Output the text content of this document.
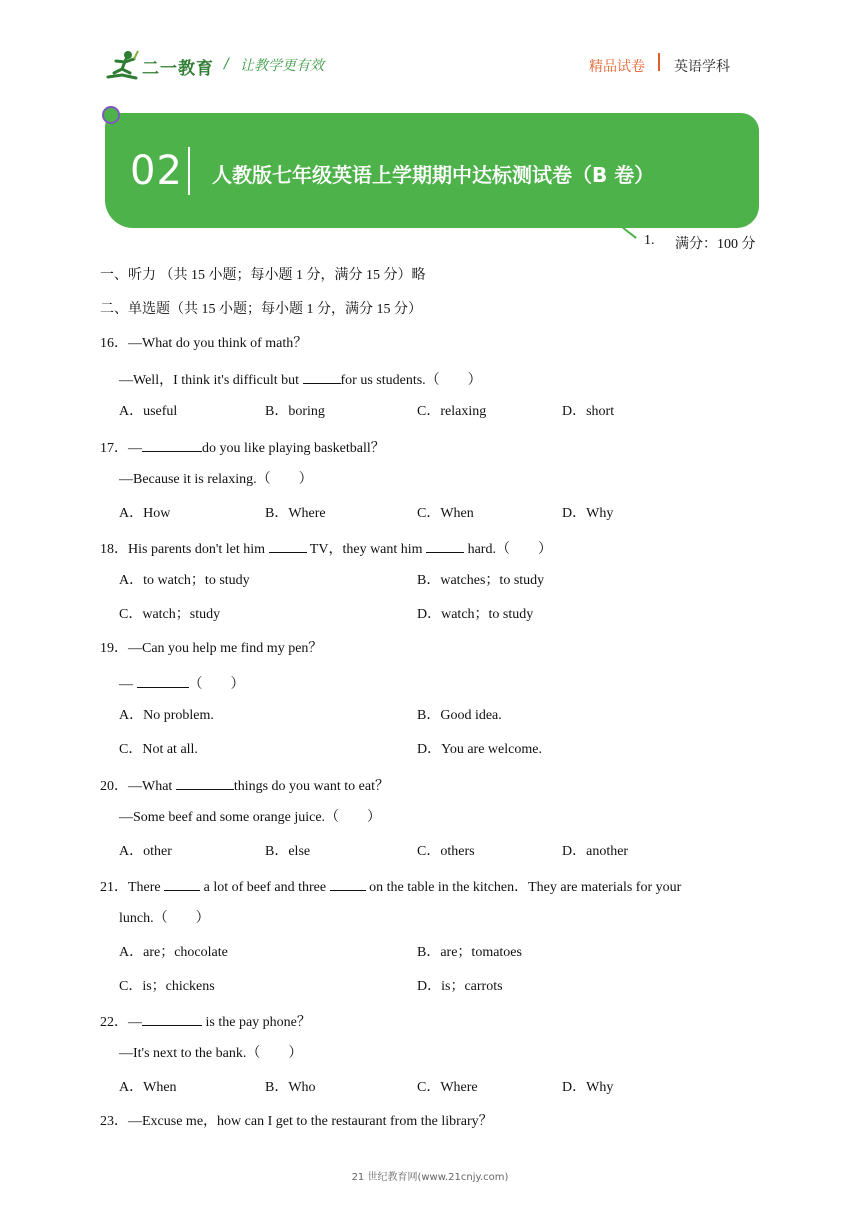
二一教育 / 让教学更有效	精品试卷 英语学科
02 人教版七年级英语上学期期中达标测试卷（B 卷）
1. 满分：100 分
一、听力 （共 15 小题；每小题 1 分，满分 15 分）略
二、单选题（共 15 小题；每小题 1 分，满分 15 分）
16．—What do you think of math？
—Well，I think it's difficult but	for us students.（　　）
A．useful	B．boring	C．relaxing	D．short
17．—	do you like playing basketball？
—Because it is relaxing.（　　）
A．How	B．Where	C．When	D．Why
18．His parents don't let him	TV，they want him	hard.（　　）
A．to watch；to study	B．watches；to study
C．watch；study	D．watch；to study
19．—Can you help me find my pen？
—	（　　）
A．No problem.	B．Good idea.
C．Not at all.	D．You are welcome.
20．—What	things do you want to eat？
—Some beef and some orange juice.（　　）
A．other	B．else	C．others	D．another
21．There	a lot of beef and three	on the table in the kitchen．They are materials for your
lunch.（　　）
A．are；chocolate	B．are；tomatoes
C．is；chickens	D．is；carrots
22．—	is the pay phone？
—It's next to the bank.（　　）
A．When	B．Who	C．Where	D．Why
23．—Excuse me，how can I get to the restaurant from the library？
21 世纪教育网(www.21cnjy.com)
